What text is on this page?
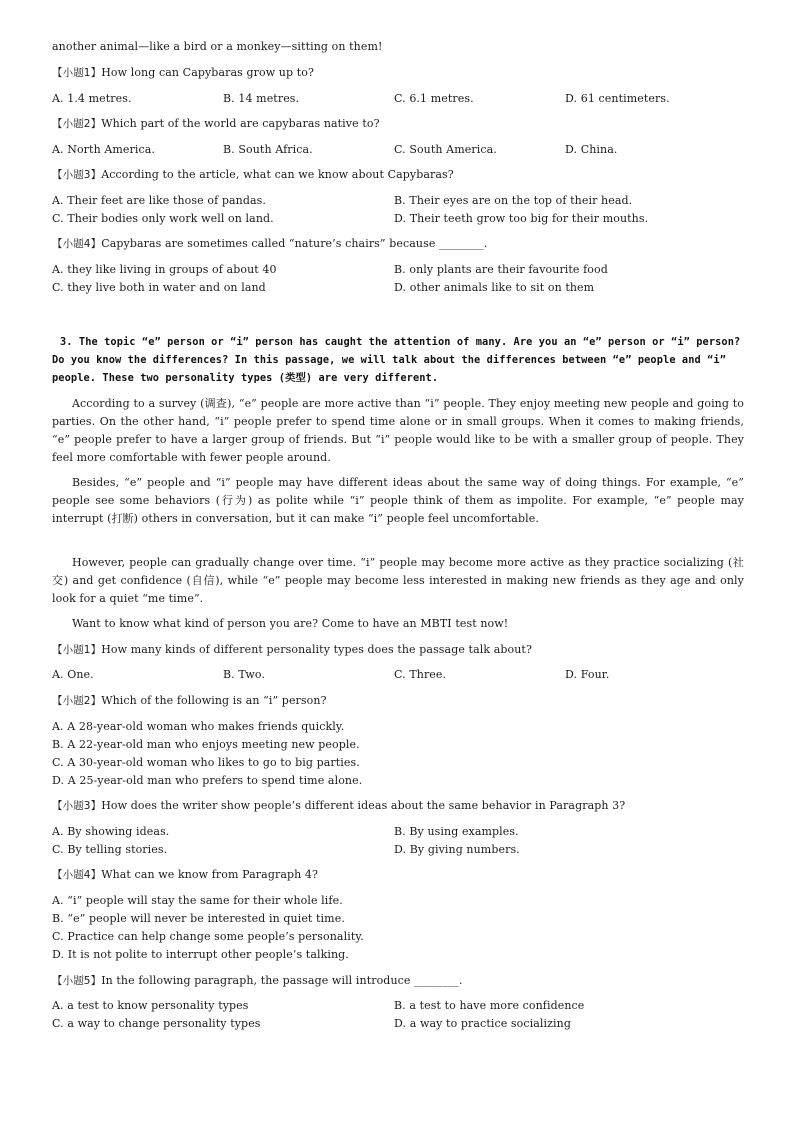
another animal—like a bird or a monkey—sitting on them!
【小题1】How long can Capybaras grow up to?
A. 1.4 metres.	B. 14 metres.	C. 6.1 metres.	D. 61 centimeters.
【小题2】Which part of the world are capybaras native to?
A. North America.	B. South Africa.	C. South America.	D. China.
【小题3】According to the article, what can we know about Capybaras?
A. Their feet are like those of pandas.	B. Their eyes are on the top of their head.
C. Their bodies only work well on land.	D. Their teeth grow too big for their mouths.
【小题4】Capybaras are sometimes called “nature’s chairs” because ________.
A. they like living in groups of about 40	B. only plants are their favourite food
C. they live both in water and on land	D. other animals like to sit on them
3. The topic “e” person or “i” person has caught the attention of many. Are you an “e” person or “i” person? Do you know the differences? In this passage, we will talk about the differences between “e” people and “i” people. These two personality types (类型) are very different.
According to a survey (调查), “e” people are more active than “i” people. They enjoy meeting new people and going to parties. On the other hand, “i” people prefer to spend time alone or in small groups. When it comes to making friends, “e” people prefer to have a larger group of friends. But “i” people would like to be with a smaller group of people. They feel more comfortable with fewer people around.
Besides, “e” people and “i” people may have different ideas about the same way of doing things. For example, “e” people see some behaviors (行为) as polite while “i” people think of them as impolite. For example, “e” people may interrupt (打断) others in conversation, but it can make “i” people feel uncomfortable.
However, people can gradually change over time. “i” people may become more active as they practice socializing (社交) and get confidence (自信), while “e” people may become less interested in making new friends as they age and only look for a quiet “me time”.
Want to know what kind of person you are? Come to have an MBTI test now!
【小题1】How many kinds of different personality types does the passage talk about?
A. One.	B. Two.	C. Three.	D. Four.
【小题2】Which of the following is an “i” person?
A. A 28-year-old woman who makes friends quickly.
B. A 22-year-old man who enjoys meeting new people.
C. A 30-year-old woman who likes to go to big parties.
D. A 25-year-old man who prefers to spend time alone.
【小题3】How does the writer show people’s different ideas about the same behavior in Paragraph 3?
A. By showing ideas.	B. By using examples.
C. By telling stories.	D. By giving numbers.
【小题4】What can we know from Paragraph 4?
A. “i” people will stay the same for their whole life.
B. “e” people will never be interested in quiet time.
C. Practice can help change some people’s personality.
D. It is not polite to interrupt other people’s talking.
【小题5】In the following paragraph, the passage will introduce ________.
A. a test to know personality types	B. a test to have more confidence
C. a way to change personality types	D. a way to practice socializing
